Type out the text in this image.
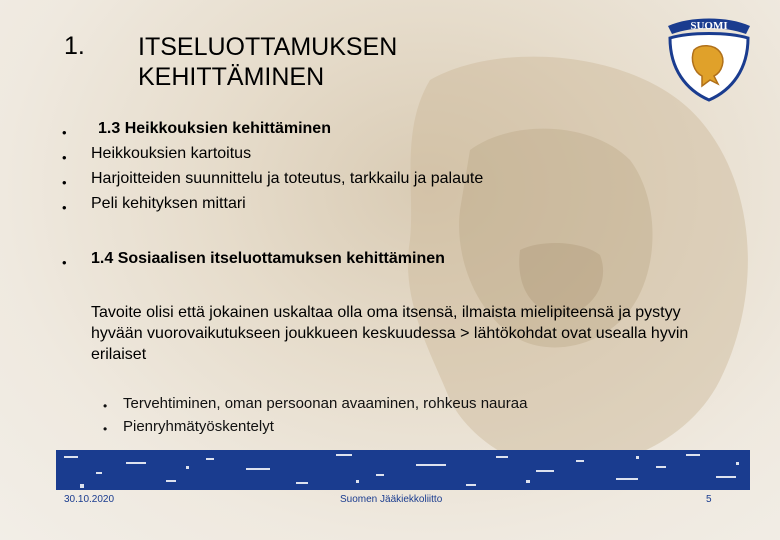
1. ITSELUOTTAMUKSEN
KEHITTÄMINEN
SUOMI
• 1.3 Heikkouksien kehittäminen
• Heikkouksien kartoitus
• Harjoitteiden suunnittelu ja toteutus, tarkkailu ja palaute
• Peli kehityksen mittari
• 1.4 Sosiaalisen itseluottamuksen kehittäminen
Tavoite olisi että jokainen uskaltaa olla oma itsensä, ilmaista mielipiteensä ja pystyy hyvään vuorovaikutukseen joukkueen keskuudessa > lähtökohdat ovat usealla hyvin erilaiset
• Tervehtiminen, oman persoonan avaaminen, rohkeus nauraa
• Pienryhmätyöskentelyt
30.10.2020	Suomen Jääkiekkoliitto	5
